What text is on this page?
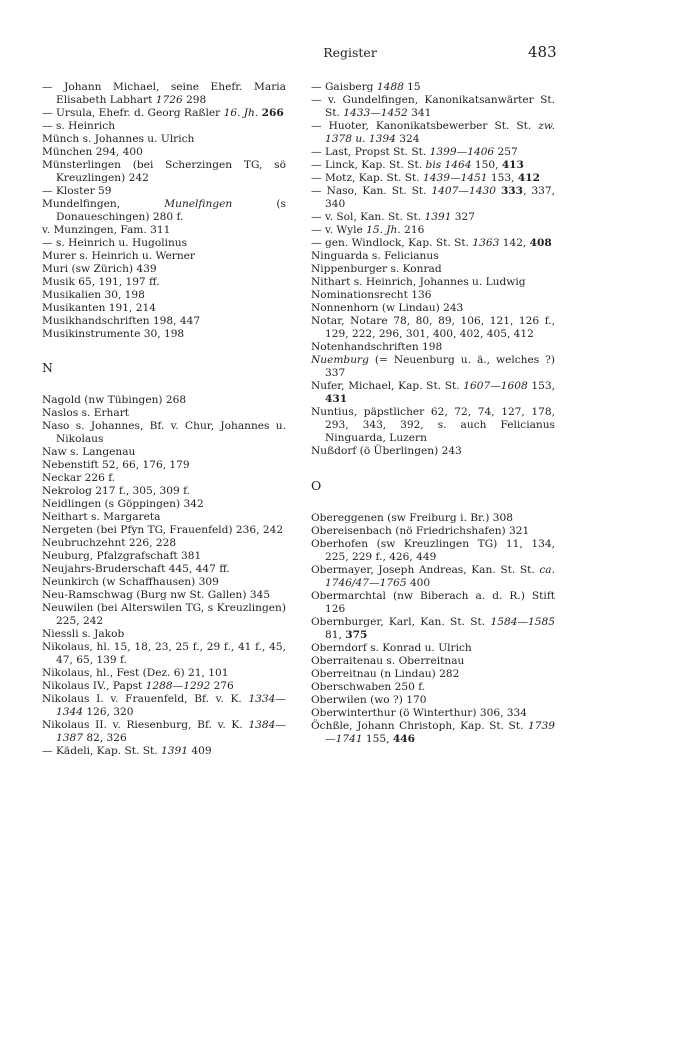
Register	483

— Johann Michael, seine Ehefr. Maria Elisabeth Labhart 1726 298

— Ursula, Ehefr. d. Georg Raßler 16. Jh. 266

— s. Heinrich

Münch s. Johannes u. Ulrich

München 294, 400

Münsterlingen (bei Scherzingen TG, sö Kreuzlingen) 242

— Kloster 59

Mundelfingen, Munelfingen (s Donaueschingen) 280 f.

v. Munzingen, Fam. 311

— s. Heinrich u. Hugolinus

Murer s. Heinrich u. Werner

Muri (sw Zürich) 439

Musik 65, 191, 197 ff.

Musikalien 30, 198

Musikanten 191, 214

Musikhandschriften 198, 447

Musikinstrumente 30, 198

N

Nagold (nw Tübingen) 268

Naslos s. Erhart

Naso s. Johannes, Bf. v. Chur, Johannes u. Nikolaus

Naw s. Langenau

Nebenstift 52, 66, 176, 179

Neckar 226 f.

Nekrolog 217 f., 305, 309 f.

Neidlingen (s Göppingen) 342

Neithart s. Margareta

Nergeten (bei Pfyn TG, Frauenfeld) 236, 242

Neubruchzehnt 226, 228

Neuburg, Pfalzgrafschaft 381

Neujahrs-Bruderschaft 445, 447 ff.

Neunkirch (w Schaffhausen) 309

Neu-Ramschwag (Burg nw St. Gallen) 345

Neuwilen (bei Alterswilen TG, s Kreuzlingen) 225, 242

Niessli s. Jakob

Nikolaus, hl. 15, 18, 23, 25 f., 29 f., 41 f., 45, 47, 65, 139 f.

Nikolaus, hl., Fest (Dez. 6) 21, 101

Nikolaus IV., Papst 1288—1292 276

Nikolaus I. v. Frauenfeld, Bf. v. K. 1334—1344 126, 320

Nikolaus II. v. Riesenburg, Bf. v. K. 1384—1387 82, 326

— Kädeli, Kap. St. St. 1391 409

— Gaisberg 1488 15

— v. Gundelfingen, Kanonikatsanwärter St. St. 1433—1452 341

— Huoter, Kanonikatsbewerber St. St. zw. 1378 u. 1394 324

— Last, Propst St. St. 1399—1406 257

— Linck, Kap. St. St. bis 1464 150, 413

— Motz, Kap. St. St. 1439—1451 153, 412

— Naso, Kan. St. St. 1407—1430 333, 337, 340

— v. Sol, Kan. St. St. 1391 327

— v. Wyle 15. Jh. 216

— gen. Windlock, Kap. St. St. 1363 142, 408

Ninguarda s. Felicianus

Nippenburger s. Konrad

Nithart s. Heinrich, Johannes u. Ludwig

Nominationsrecht 136

Nonnenhorn (w Lindau) 243

Notar, Notare 78, 80, 89, 106, 121, 126 f., 129, 222, 296, 301, 400, 402, 405, 412

Notenhandschriften 198

Nuemburg (= Neuenburg u. ä., welches ?) 337

Nufer, Michael, Kap. St. St. 1607—1608 153, 431

Nuntius, päpstlicher 62, 72, 74, 127, 178, 293, 343, 392, s. auch Felicianus Ninguarda, Luzern

Nußdorf (ö Überlingen) 243

O

Obereggenen (sw Freiburg i. Br.) 308

Obereisenbach (nö Friedrichshafen) 321

Oberhofen (sw Kreuzlingen TG) 11, 134, 225, 229 f., 426, 449

Obermayer, Joseph Andreas, Kan. St. St. ca. 1746/47—1765 400

Obermarchtal (nw Biberach a. d. R.) Stift 126

Obernburger, Karl, Kan. St. St. 1584—1585 81, 375

Oberndorf s. Konrad u. Ulrich

Oberraitenau s. Oberreitnau

Oberreitnau (n Lindau) 282

Oberschwaben 250 f.

Oberwilen (wo ?) 170

Oberwinterthur (ö Winterthur) 306, 334

Öchßle, Johann Christoph, Kap. St. St. 1739—1741 155, 446
